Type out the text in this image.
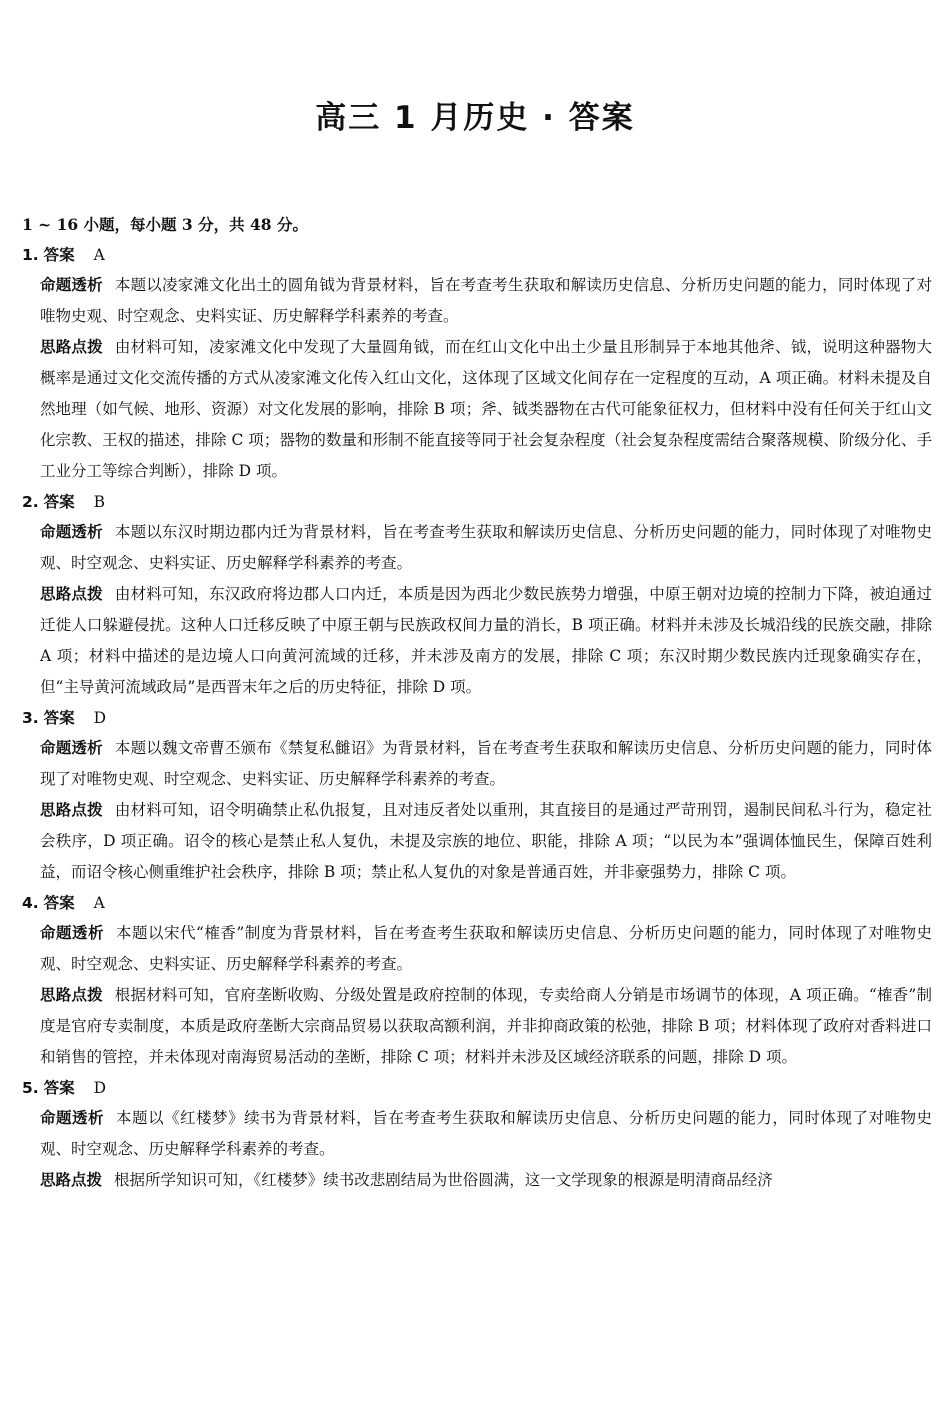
高三 1 月历史 · 答案
1 ~ 16 小题，每小题 3 分，共 48 分。
1. 答案 A
命题透析 本题以凌家滩文化出土的圆角钺为背景材料，旨在考查考生获取和解读历史信息、分析历史问题的能力，同时体现了对唯物史观、时空观念、史料实证、历史解释学科素养的考查。
思路点拨 由材料可知，凌家滩文化中发现了大量圆角钺，而在红山文化中出土少量且形制异于本地其他斧、钺，说明这种器物大概率是通过文化交流传播的方式从凌家滩文化传入红山文化，这体现了区域文化间存在一定程度的互动，A 项正确。材料未提及自然地理（如气候、地形、资源）对文化发展的影响，排除 B 项；斧、钺类器物在古代可能象征权力，但材料中没有任何关于红山文化宗教、王权的描述，排除 C 项；器物的数量和形制不能直接等同于社会复杂程度（社会复杂程度需结合聚落规模、阶级分化、手工业分工等综合判断），排除 D 项。
2. 答案 B
命题透析 本题以东汉时期边郡内迁为背景材料，旨在考查考生获取和解读历史信息、分析历史问题的能力，同时体现了对唯物史观、时空观念、史料实证、历史解释学科素养的考查。
思路点拨 由材料可知，东汉政府将边郡人口内迁，本质是因为西北少数民族势力增强，中原王朝对边境的控制力下降，被迫通过迁徙人口躲避侵扰。这种人口迁移反映了中原王朝与民族政权间力量的消长，B 项正确。材料并未涉及长城沿线的民族交融，排除 A 项；材料中描述的是边境人口向黄河流域的迁移，并未涉及南方的发展，排除 C 项；东汉时期少数民族内迁现象确实存在，但“主导黄河流域政局”是西晋末年之后的历史特征，排除 D 项。
3. 答案 D
命题透析 本题以魏文帝曹丕颁布《禁复私雠诏》为背景材料，旨在考查考生获取和解读历史信息、分析历史问题的能力，同时体现了对唯物史观、时空观念、史料实证、历史解释学科素养的考查。
思路点拨 由材料可知，诏令明确禁止私仇报复，且对违反者处以重刑，其直接目的是通过严苛刑罚，遏制民间私斗行为，稳定社会秩序，D 项正确。诏令的核心是禁止私人复仇，未提及宗族的地位、职能，排除 A 项；“以民为本”强调体恤民生，保障百姓利益，而诏令核心侧重维护社会秩序，排除 B 项；禁止私人复仇的对象是普通百姓，并非豪强势力，排除 C 项。
4. 答案 A
命题透析 本题以宋代“榷香”制度为背景材料，旨在考查考生获取和解读历史信息、分析历史问题的能力，同时体现了对唯物史观、时空观念、史料实证、历史解释学科素养的考查。
思路点拨 根据材料可知，官府垄断收购、分级处置是政府控制的体现，专卖给商人分销是市场调节的体现，A 项正确。“榷香”制度是官府专卖制度，本质是政府垄断大宗商品贸易以获取高额利润，并非抑商政策的松弛，排除 B 项；材料体现了政府对香料进口和销售的管控，并未体现对南海贸易活动的垄断，排除 C 项；材料并未涉及区域经济联系的问题，排除 D 项。
5. 答案 D
命题透析 本题以《红楼梦》续书为背景材料，旨在考查考生获取和解读历史信息、分析历史问题的能力，同时体现了对唯物史观、时空观念、历史解释学科素养的考查。
思路点拨 根据所学知识可知，《红楼梦》续书改悲剧结局为世俗圆满，这一文学现象的根源是明清商品经济
